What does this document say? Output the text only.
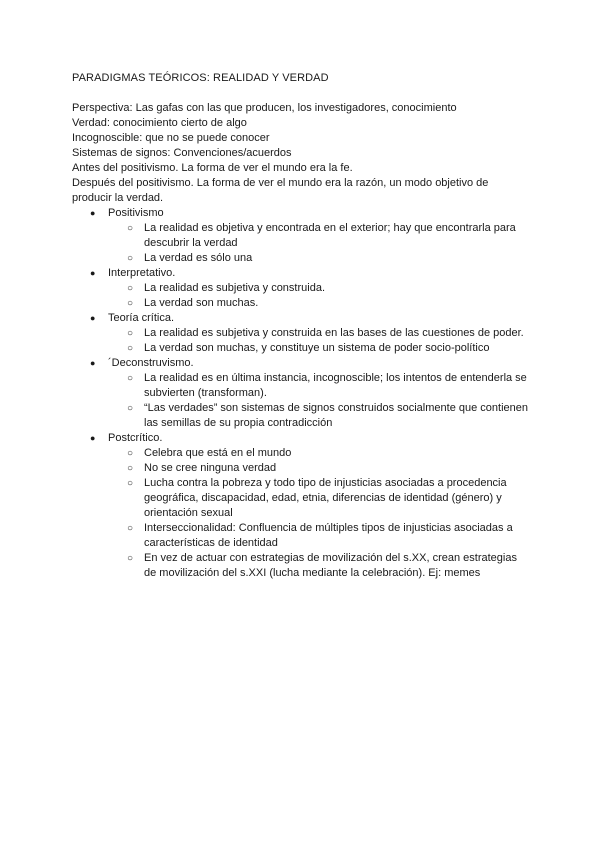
PARADIGMAS TEÓRICOS: REALIDAD Y VERDAD

Perspectiva: Las gafas con las que producen, los investigadores, conocimiento

Verdad: conocimiento cierto de algo

Incognoscible: que no se puede conocer

Sistemas de signos: Convenciones/acuerdos

Antes del positivismo. La forma de ver el mundo era la fe.

Después del positivismo. La forma de ver el mundo era la razón, un modo objetivo de producir la verdad.

● Positivismo
○ La realidad es objetiva y encontrada en el exterior; hay que encontrarla para descubrir la verdad
○ La verdad es sólo una
● Interpretativo.
○ La realidad es subjetiva y construida.
○ La verdad son muchas.
● Teoría crítica.
○ La realidad es subjetiva y construida en las bases de las cuestiones de poder.
○ La verdad son muchas, y constituye un sistema de poder socio-político
● ´Deconstruvismo.
○ La realidad es en última instancia, incognoscible; los intentos de entenderla se subvierten (transforman).
○ “Las verdades” son sistemas de signos construidos socialmente que contienen las semillas de su propia contradicción
● Postcrítico.
○ Celebra que está en el mundo
○ No se cree ninguna verdad
○ Lucha contra la pobreza y todo tipo de injusticias asociadas a procedencia geográfica, discapacidad, edad, etnia, diferencias de identidad (género) y orientación sexual
○ Interseccionalidad: Confluencia de múltiples tipos de injusticias asociadas a características de identidad
○ En vez de actuar con estrategias de movilización del s.XX, crean estrategias de movilización del s.XXI (lucha mediante la celebración). Ej: memes
